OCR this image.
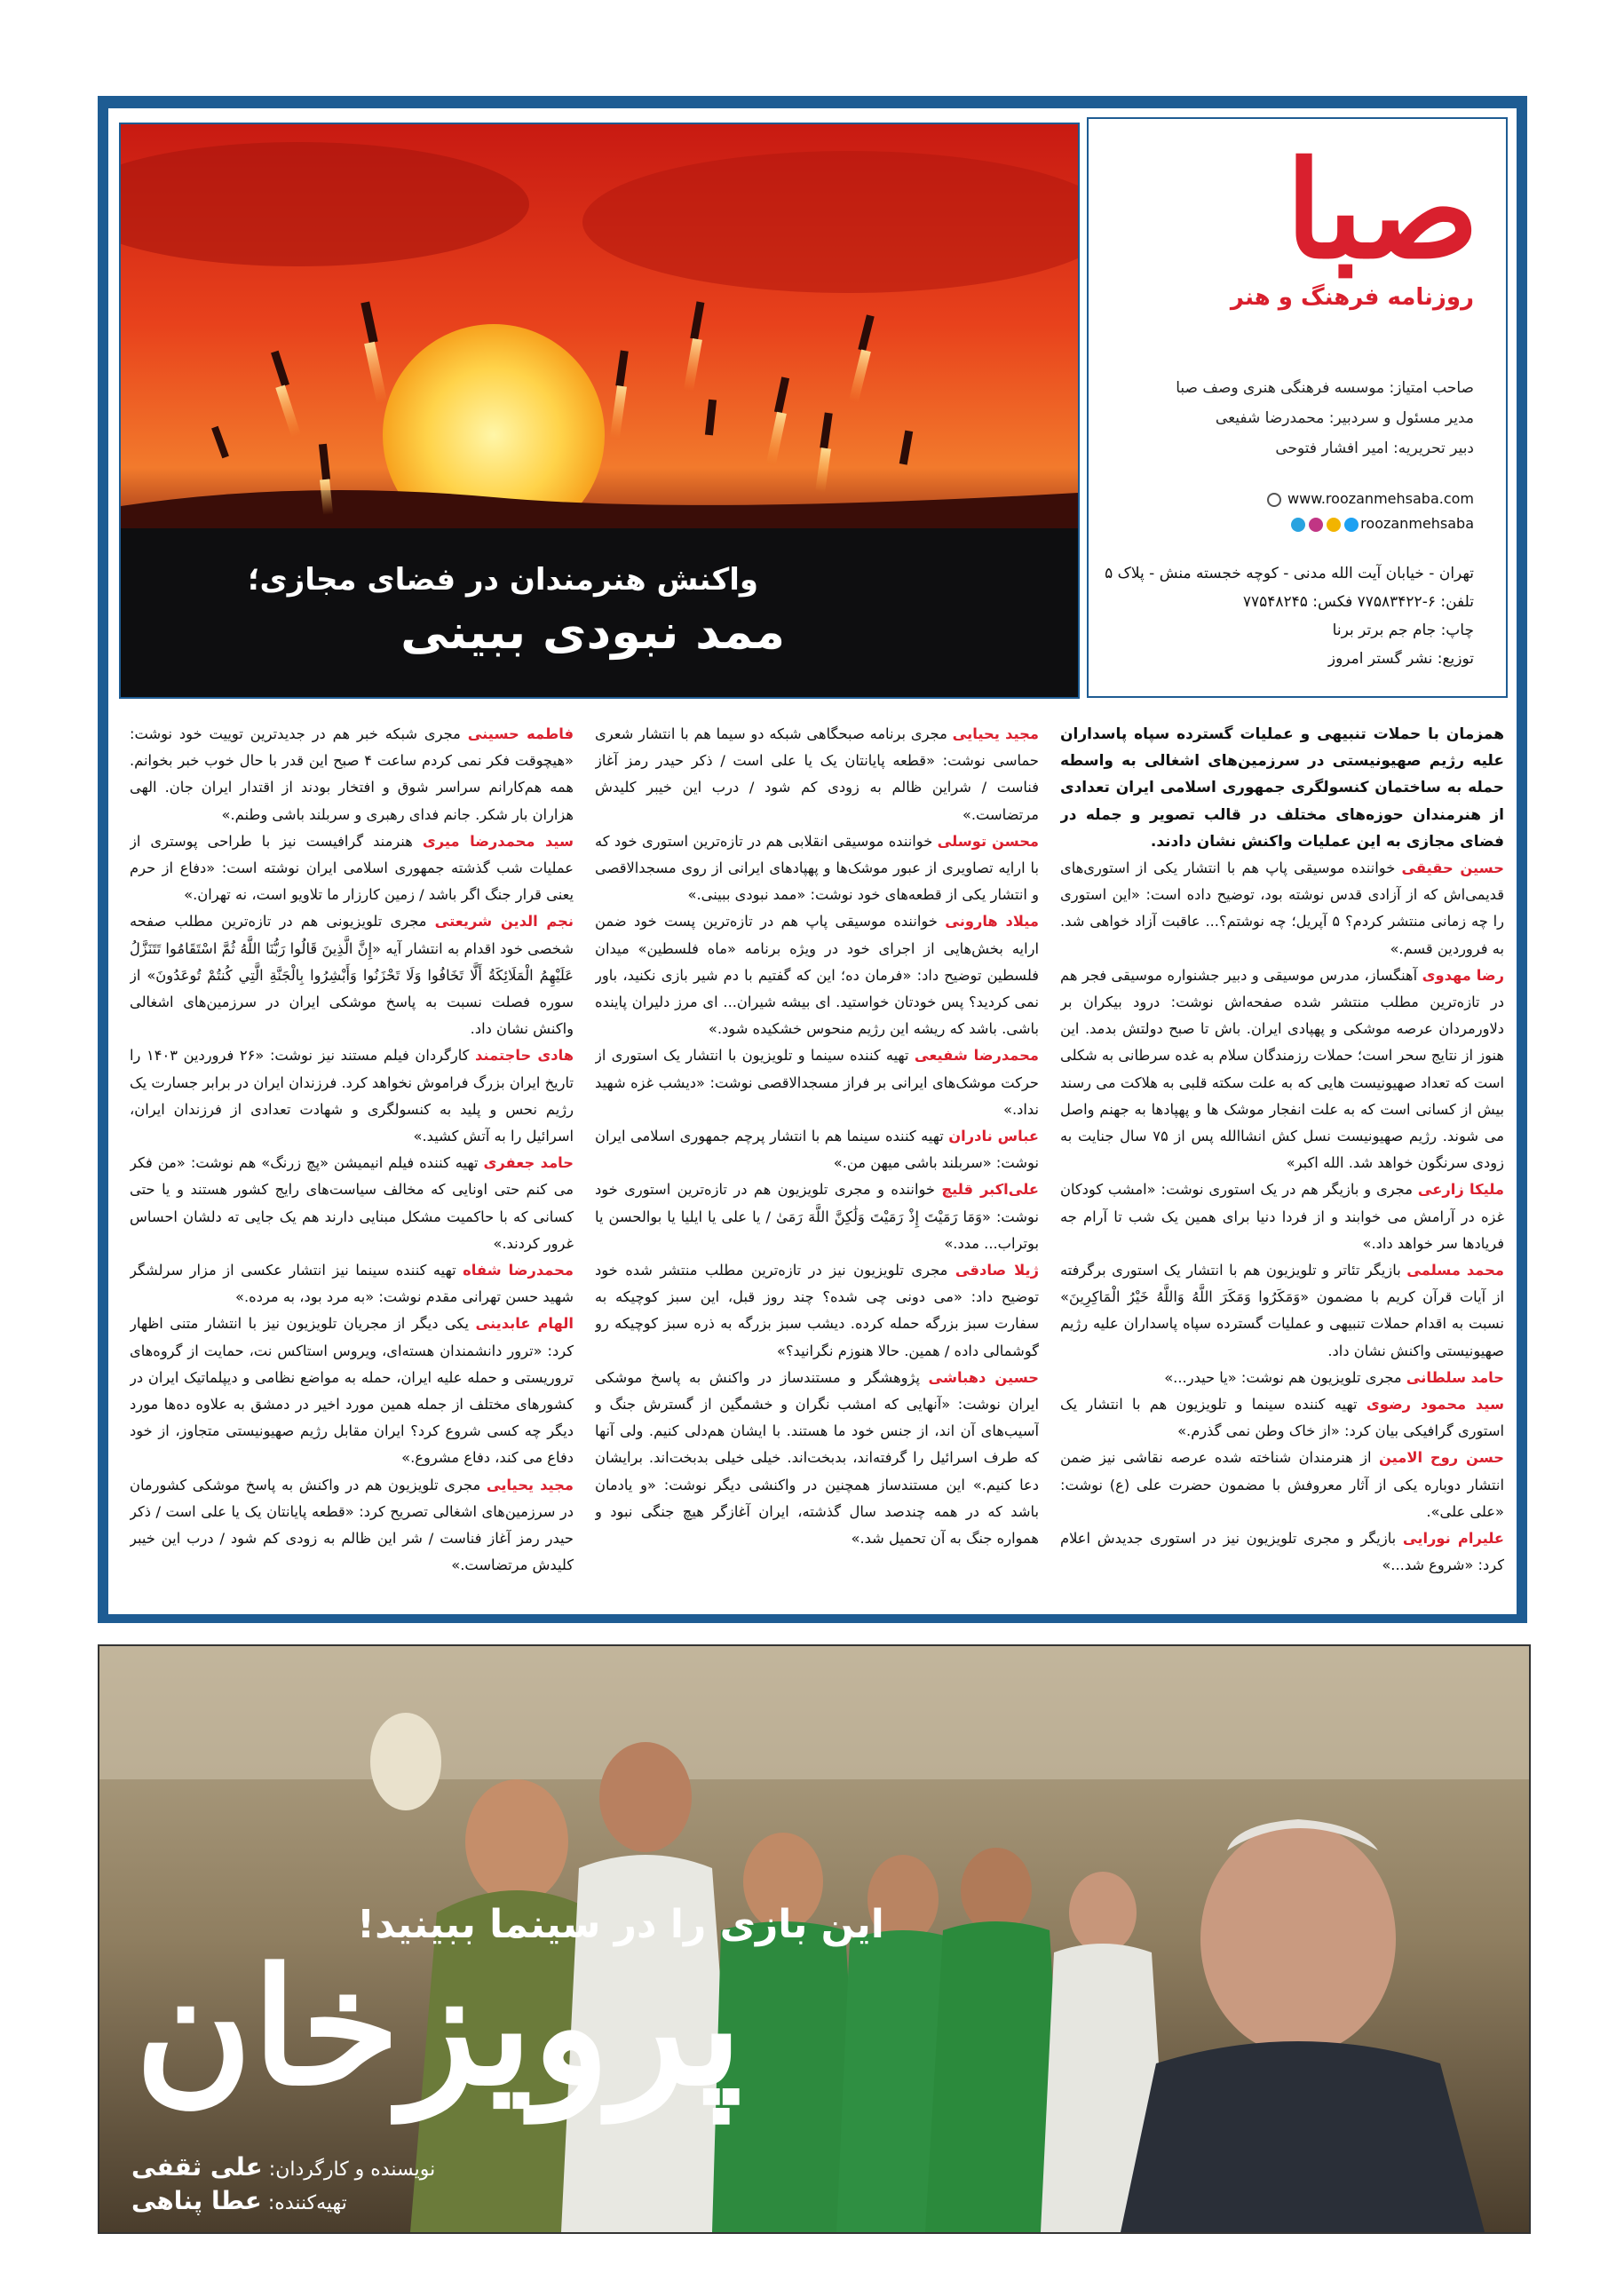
صبا
روزنامه فرهنگ و هنر
صاحب امتیاز: موسسه فرهنگی هنری وصف صبا
مدیر مسئول و سردبیر: محمدرضا شفیعی
دبیر تحریریه: امیر افشار فتوحی
www.roozanmehsaba.com
roozanmehsaba
تهران - خیابان آیت الله مدنی - کوچه خجسته منش - پلاک ۵
تلفن: ۶-۷۷۵۸۳۴۲۲ فکس: ۷۷۵۴۸۲۴۵
چاپ: جام جم برتر برنا
توزیع: نشر گستر امروز
واکنش هنرمندان در فضای مجازی؛
ممد نبودی ببینی

همزمان با حملات تنبیهی و عملیات گسترده سپاه پاسداران علیه رژیم صهیونیستی در سرزمین‌های اشغالی به واسطه حمله به ساختمان کنسولگری جمهوری اسلامی ایران تعدادی از هنرمندان حوزه‌های مختلف در قالب تصویر و جمله در فضای مجازی به این عملیات واکنش نشان دادند.

حسین حقیقی خواننده موسیقی پاپ هم با انتشار یکی از استوری‌های قدیمی‌اش که از آزادی قدس نوشته بود، توضیح داده است: «این استوری را چه زمانی منتشر کردم؟ ۵ آپریل؛ چه نوشتم؟... عاقبت آزاد خواهی شد. به فروردین قسم.»

رضا مهدوی آهنگساز، مدرس موسیقی و دبیر جشنواره موسیقی فجر هم در تازه‌ترین مطلب منتشر شده صفحه‌اش نوشت: درود بیکران بر دلاورمردان عرصه موشکی و پهپادی ایران. باش تا صبح دولتش بدمد. این هنوز از نتایج سحر است؛ حملات رزمندگان سلام به غده سرطانی به شکلی است که تعداد صهیونیست هایی که به علت سکته قلبی به هلاکت می رسند بیش از کسانی است که به علت انفجار موشک ها و پهپادها به جهنم واصل می شوند. رژیم صهیونیست نسل کش انشاالله پس از ۷۵ سال جنایت به زودی سرنگون خواهد شد. الله اکبر»

ملیکا زارعی مجری و بازیگر هم در یک استوری نوشت: «امشب کودکان غزه در آرامش می خوابند و از فردا دنیا برای همین یک شب تا آرام جه فریادها سر خواهد داد.»

محمد مسلمی بازیگر تئاتر و تلویزیون هم با انتشار یک استوری برگرفته از آیات قرآن کریم با مضمون «وَمَکَرُوا وَمَکَرَ اللَّهُ وَاللَّهُ خَیْرُ الْمَاکِرِینَ» نسبت به اقدام حملات تنبیهی و عملیات گسترده سپاه پاسداران علیه رژیم صهیونیستی واکنش نشان داد.

حامد سلطانی مجری تلویزیون هم نوشت: «یا حیدر...»

سید محمود رضوی تهیه کننده سینما و تلویزیون هم با انتشار یک استوری گرافیکی بیان کرد: «از خاک وطن نمی گذرم.»

حسن روح الامین از هنرمندان شناخته شده عرصه نقاشی نیز ضمن انتشار دوباره یکی از آثار معروفش با مضمون حضرت علی (ع) نوشت: «علی علی».

علیرام نورایی بازیگر و مجری تلویزیون نیز در استوری جدیدش اعلام کرد: «شروع شد...»

مجید یحیایی مجری برنامه صبحگاهی شبکه دو سیما هم با انتشار شعری حماسی نوشت: «قطعه پایانتان یک یا علی است / ذکر حیدر رمز آغاز فناست / شراین ظالم به زودی کم شود / درب این خیبر کلیدش مرتضاست.»

محسن توسلی خواننده موسیقی انقلابی هم در تازه‌ترین استوری خود که با ارایه تصاویری از عبور موشک‌ها و پهپادهای ایرانی از روی مسجدالاقصی و انتشار یکی از قطعه‌های خود نوشت: «ممد نبودی ببینی.»

میلاد هارونی خواننده موسیقی پاپ هم در تازه‌ترین پست خود ضمن ارایه بخش‌هایی از اجرای خود در ویژه برنامه «ماه فلسطین» میدان فلسطین توضیح داد: «فرمان ده؛ این که گفتیم با دم شیر بازی نکنید، باور نمی کردید؟ پس خودتان خواستید. ای بیشه شیران... ای مرز دلیران پاینده باشی. باشد که ریشه این رژیم منحوس خشکیده شود.»

محمدرضا شفیعی تهیه کننده سینما و تلویزیون با انتشار یک استوری از حرکت موشک‌های ایرانی بر فراز مسجدالاقصی نوشت: «دیشب غزه شهید نداد.»

عباس نادران تهیه کننده سینما هم با انتشار پرچم جمهوری اسلامی ایران نوشت: «سربلند باشی میهن من.»

علی‌اکبر قلیچ خواننده و مجری تلویزیون هم در تازه‌ترین استوری خود نوشت: «وَمَا رَمَيْتَ إِذْ رَمَيْتَ وَلَٰكِنَّ اللَّهَ رَمَىٰ / یا علی یا ایلیا یا بوالحسن یا بوتراب... مدد.»

ژیلا صادقی مجری تلویزیون نیز در تازه‌ترین مطلب منتشر شده خود توضیح داد: «می دونی چی شده؟ چند روز قبل، این سبز کوچیکه به سفارت سبز بزرگه حمله کرده. دیشب سبز بزرگه به ذره سبز کوچیکه رو گوشمالی داده / همین. حالا هنوزم نگرانید؟»

حسین دهباشی پژوهشگر و مستندساز در واکنش به پاسخ موشکی ایران نوشت: «آنهایی که امشب نگران و خشمگین از گسترش جنگ و آسیب‌های آن اند، از جنس خود ما هستند. با ایشان هم‌دلی کنیم. ولی آنها که طرف اسرائیل را گرفته‌اند، بدبخت‌اند. خیلی خیلی بدبخت‌اند. برایشان دعا کنیم.» این مستندساز همچنین در واکنشی دیگر نوشت: «و یادمان باشد که در همه چندصد سال گذشته، ایران آغازگر هیچ جنگی نبود و همواره جنگ به آن تحمیل شد.»

فاطمه حسینی مجری شبکه خبر هم در جدیدترین توییت خود نوشت: «هیچوقت فکر نمی کردم ساعت ۴ صبح این قدر با حال خوب خبر بخوانم. همه هم‌کارانم سراسر شوق و افتخار بودند از اقتدار ایران جان. الهی هزاران بار شکر. جانم فدای رهبری و سربلند باشی وطنم.»

سید محمدرضا میری هنرمند گرافیست نیز با طراحی پوستری از عملیات شب گذشته جمهوری اسلامی ایران نوشته است: «دفاع از حرم یعنی قرار جنگ اگر باشد / زمین کارزار ما تلاویو است، نه تهران.»

نجم الدین شریعتی مجری تلویزیونی هم در تازه‌ترین مطلب صفحه شخصی خود اقدام به انتشار آیه «إِنَّ الَّذِينَ قَالُوا رَبُّنَا اللَّهُ ثُمَّ اسْتَقَامُوا تَتَنَزَّلُ عَلَيْهِمُ الْمَلَائِكَةُ أَلَّا تَخَافُوا وَلَا تَحْزَنُوا وَأَبْشِرُوا بِالْجَنَّةِ الَّتِي كُنتُمْ تُوعَدُونَ» از سوره فصلت نسبت به پاسخ موشکی ایران در سرزمین‌های اشغالی واکنش نشان داد.

هادی حاجتمند کارگردان فیلم مستند نیز نوشت: «۲۶ فروردین ۱۴۰۳ را تاریخ ایران بزرگ فراموش نخواهد کرد. فرزندان ایران در برابر جسارت یک رژیم نحس و پلید به کنسولگری و شهادت تعدادی از فرزندان ایران، اسرائیل را به آتش کشید.»

حامد جعفری تهیه کننده فیلم انیمیشن «پچ زرنگ» هم نوشت: «من فکر می کنم حتی اونایی که مخالف سیاست‌های رایج کشور هستند و یا حتی کسانی که با حاکمیت مشکل مبنایی دارند هم یک جایی ته دلشان احساس غرور کردند.»

محمدرضا شفاه تهیه کننده سینما نیز انتشار عکسی از مزار سرلشگر شهید حسن تهرانی مقدم نوشت: «به مرد بود، به مرده.»

الهام عابدینی یکی دیگر از مجریان تلویزیون نیز با انتشار متنی اظهار کرد: «ترور دانشمندان هسته‌ای، ویروس استاکس نت، حمایت از گروه‌های تروریستی و حمله علیه ایران، حمله به مواضع نظامی و دیپلماتیک ایران در کشورهای مختلف از جمله همین مورد اخیر در دمشق به علاوه ده‌ها مورد دیگر چه کسی شروع کرد؟ ایران مقابل رژیم صهیونیستی متجاوز، از خود دفاع می کند، دفاع مشروع.»

مجید یحیایی مجری تلویزیون هم در واکنش به پاسخ موشکی کشورمان در سرزمین‌های اشغالی تصریح کرد: «قطعه پایانتان یک یا علی است / ذکر حیدر رمز آغاز فناست / شر این ظالم به زودی کم شود / درب این خیبر کلیدش مرتضاست.»

این بازی را در سینما ببینید!
پرویزخان
نویسنده و کارگردان: علی ثقفی
تهیه‌کننده: عطا پناهی
